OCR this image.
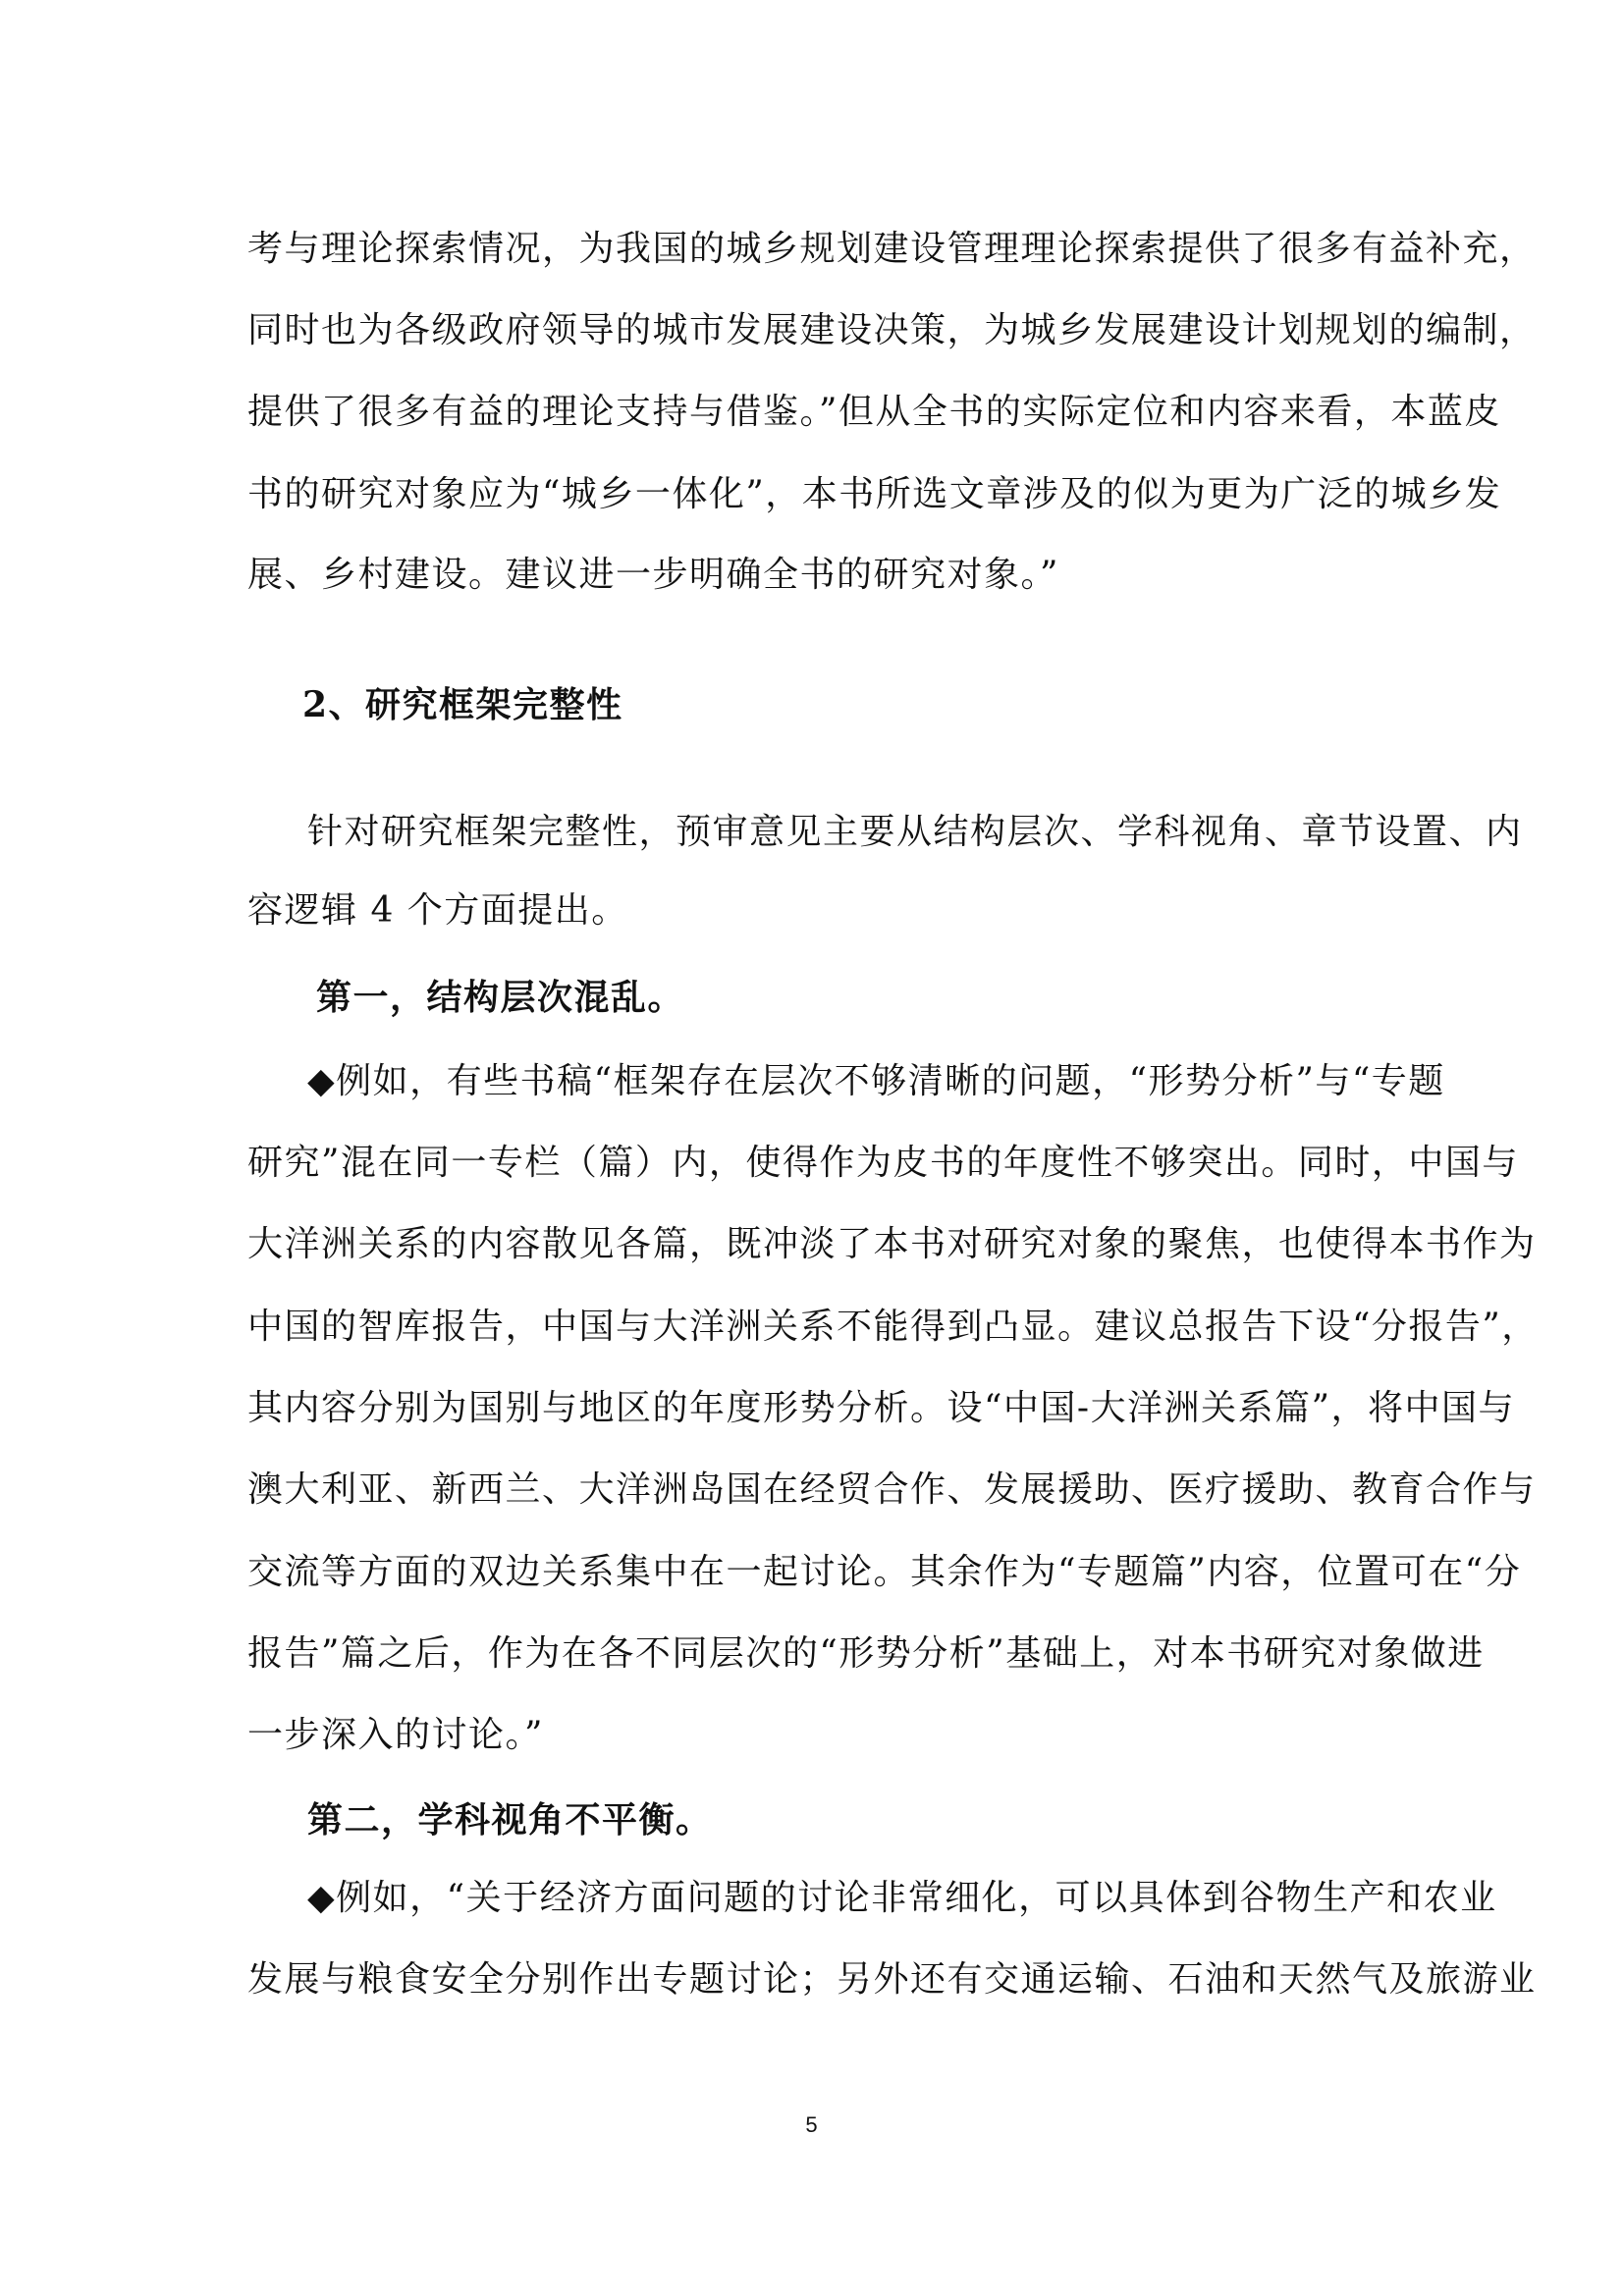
考与理论探索情况，为我国的城乡规划建设管理理论探索提供了很多有益补充，
同时也为各级政府领导的城市发展建设决策，为城乡发展建设计划规划的编制，
提供了很多有益的理论支持与借鉴。”但从全书的实际定位和内容来看，本蓝皮
书的研究对象应为“城乡一体化”，本书所选文章涉及的似为更为广泛的城乡发
展、乡村建设。建议进一步明确全书的研究对象。”
2、研究框架完整性
针对研究框架完整性，预审意见主要从结构层次、学科视角、章节设置、内
容逻辑 4 个方面提出。
第一，结构层次混乱。
◆例如，有些书稿“框架存在层次不够清晰的问题，“形势分析”与“专题
研究”混在同一专栏（篇）内，使得作为皮书的年度性不够突出。同时，中国与
大洋洲关系的内容散见各篇，既冲淡了本书对研究对象的聚焦，也使得本书作为
中国的智库报告，中国与大洋洲关系不能得到凸显。建议总报告下设“分报告”，
其内容分别为国别与地区的年度形势分析。设“中国-大洋洲关系篇”，将中国与
澳大利亚、新西兰、大洋洲岛国在经贸合作、发展援助、医疗援助、教育合作与
交流等方面的双边关系集中在一起讨论。其余作为“专题篇”内容，位置可在“分
报告”篇之后，作为在各不同层次的“形势分析”基础上，对本书研究对象做进
一步深入的讨论。”
第二，学科视角不平衡。
◆例如，“关于经济方面问题的讨论非常细化，可以具体到谷物生产和农业
发展与粮食安全分别作出专题讨论；另外还有交通运输、石油和天然气及旅游业
5
